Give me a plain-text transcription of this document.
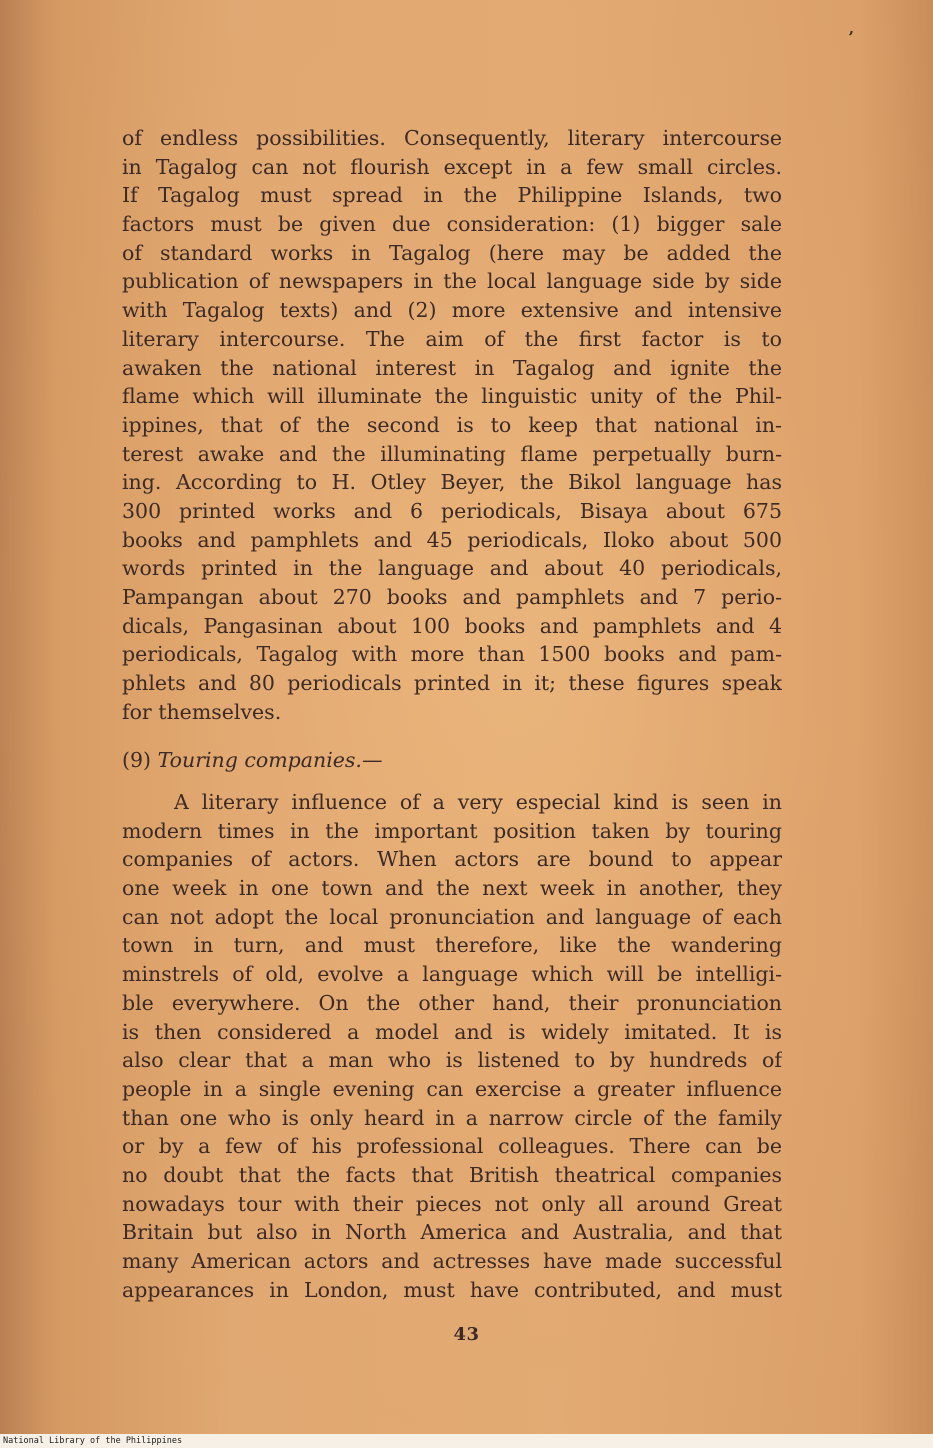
ʼ
of endless possibilities. Consequently, literary intercourse
in Tagalog can not flourish except in a few small circles.
If Tagalog must spread in the Philippine Islands, two
factors must be given due consideration: (1) bigger sale
of standard works in Tagalog (here may be added the
publication of newspapers in the local language side by side
with Tagalog texts) and (2) more extensive and intensive
literary intercourse. The aim of the first factor is to
awaken the national interest in Tagalog and ignite the
flame which will illuminate the linguistic unity of the Phil-
ippines, that of the second is to keep that national in-
terest awake and the illuminating flame perpetually burn-
ing. According to H. Otley Beyer, the Bikol language has
300 printed works and 6 periodicals, Bisaya about 675
books and pamphlets and 45 periodicals, Iloko about 500
words printed in the language and about 40 periodicals,
Pampangan about 270 books and pamphlets and 7 perio-
dicals, Pangasinan about 100 books and pamphlets and 4
periodicals, Tagalog with more than 1500 books and pam-
phlets and 80 periodicals printed in it; these figures speak
for themselves.
(9) Touring companies.—
A literary influence of a very especial kind is seen in
modern times in the important position taken by touring
companies of actors. When actors are bound to appear
one week in one town and the next week in another, they
can not adopt the local pronunciation and language of each
town in turn, and must therefore, like the wandering
minstrels of old, evolve a language which will be intelligi-
ble everywhere. On the other hand, their pronunciation
is then considered a model and is widely imitated. It is
also clear that a man who is listened to by hundreds of
people in a single evening can exercise a greater influence
than one who is only heard in a narrow circle of the family
or by a few of his professional colleagues. There can be
no doubt that the facts that British theatrical companies
nowadays tour with their pieces not only all around Great
Britain but also in North America and Australia, and that
many American actors and actresses have made successful
appearances in London, must have contributed, and must
43
National Library of the Philippines
